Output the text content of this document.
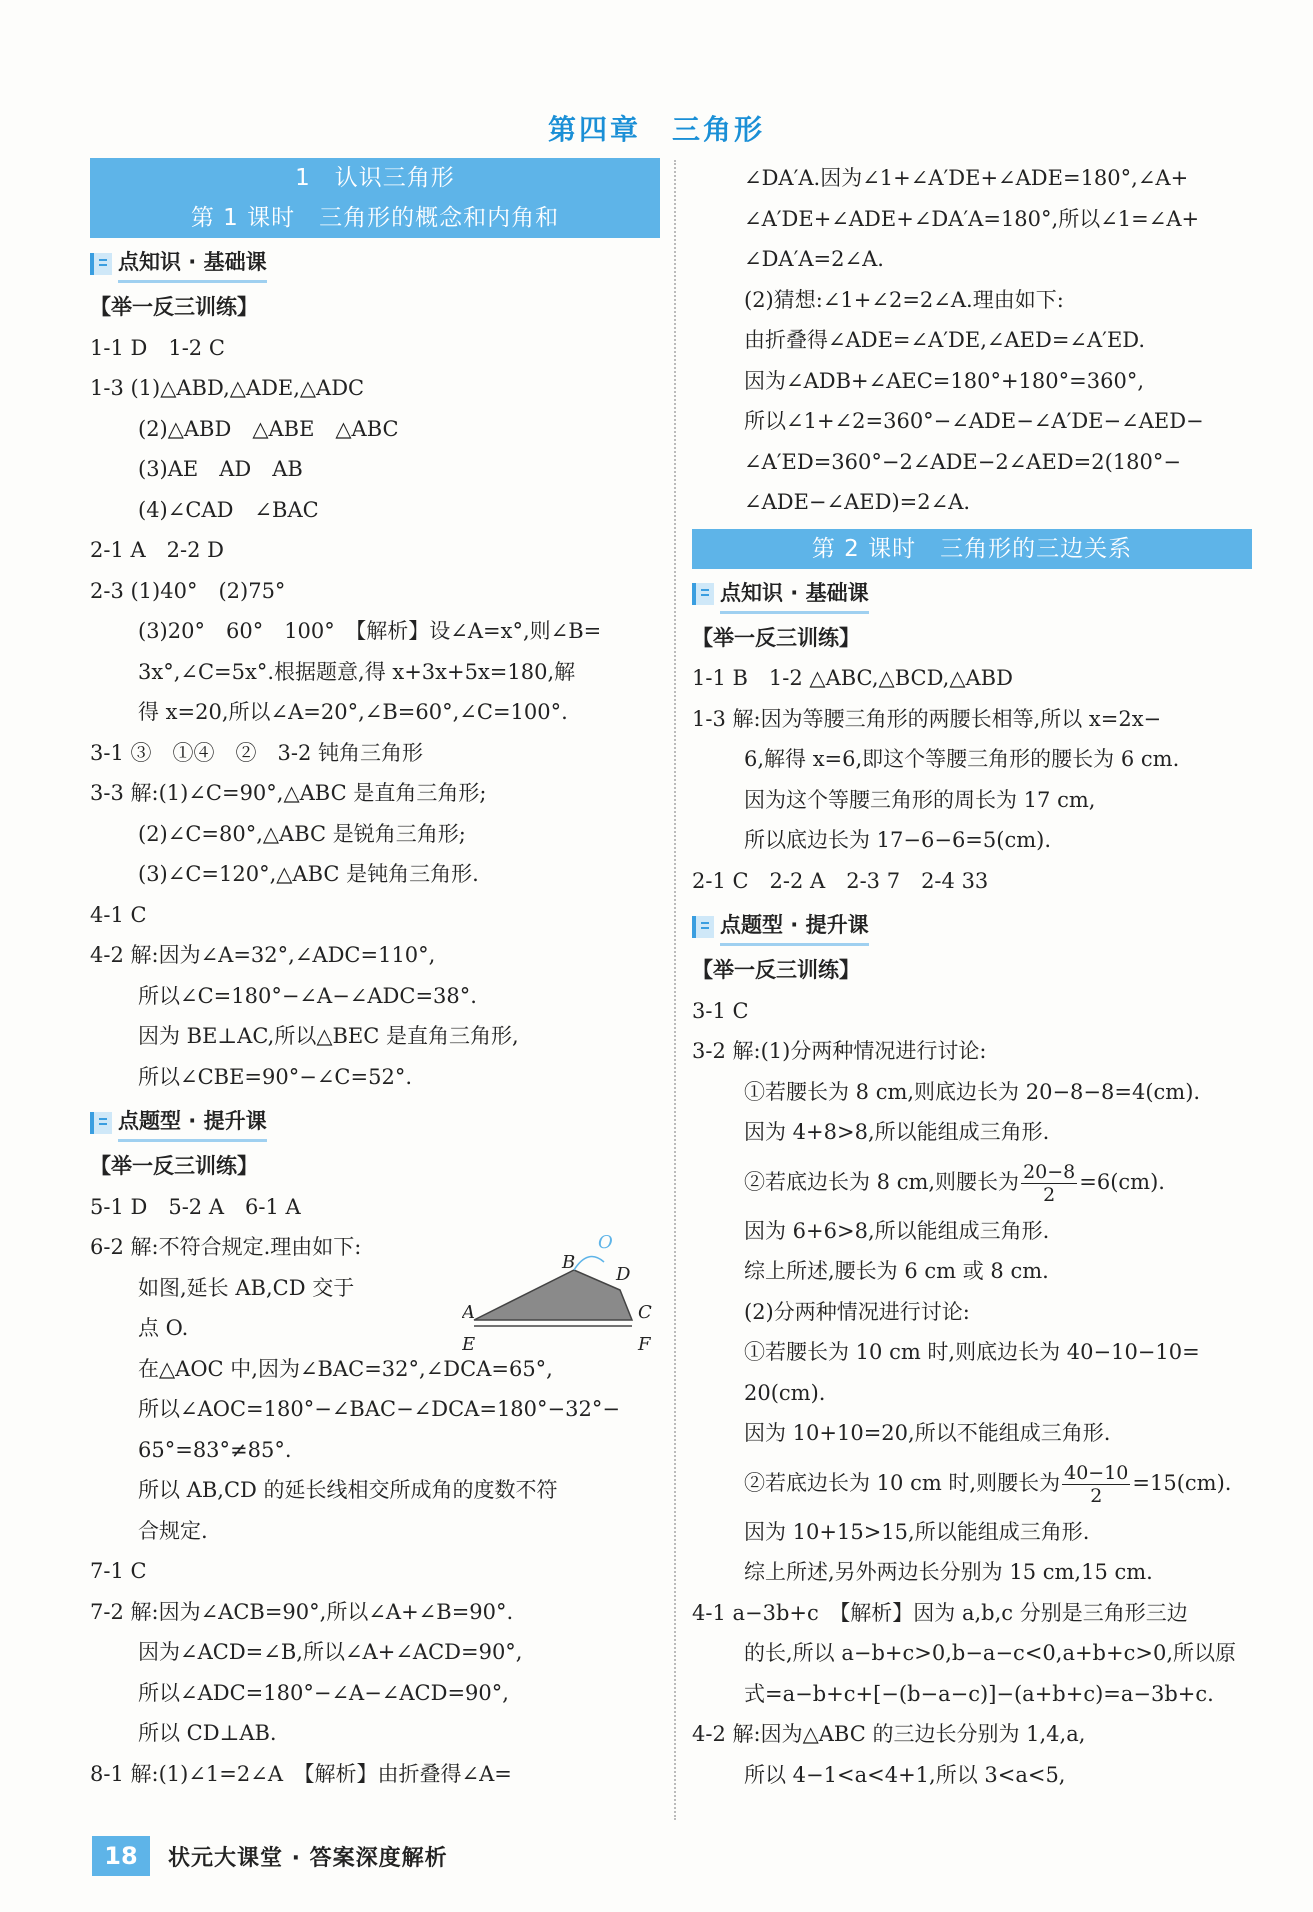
第四章　三角形
1　认识三角形
第 1 课时　三角形的概念和内角和
点知识 · 基础课
【举一反三训练】
1-1 D　1-2 C
1-3 (1)△ABD,△ADE,△ADC
(2)△ABD　△ABE　△ABC
(3)AE　AD　AB
(4)∠CAD　∠BAC
2-1 A　2-2 D
2-3 (1)40°　(2)75°
(3)20°　60°　100°　【解析】设∠A=x°,则∠B=
3x°,∠C=5x°.根据题意,得 x+3x+5x=180,解
得 x=20,所以∠A=20°,∠B=60°,∠C=100°.
3-1 ③　①④　②　3-2 钝角三角形
3-3 解:(1)∠C=90°,△ABC 是直角三角形;
(2)∠C=80°,△ABC 是锐角三角形;
(3)∠C=120°,△ABC 是钝角三角形.
4-1 C
4-2 解:因为∠A=32°,∠ADC=110°,
所以∠C=180°−∠A−∠ADC=38°.
因为 BE⊥AC,所以△BEC 是直角三角形,
所以∠CBE=90°−∠C=52°.
点题型 · 提升课
【举一反三训练】
5-1 D　5-2 A　6-1 A
6-2 解:不符合规定.理由如下:
如图,延长 AB,CD 交于
点 O.
在△AOC 中,因为∠BAC=32°,∠DCA=65°,
所以∠AOC=180°−∠BAC−∠DCA=180°−32°−
65°=83°≠85°.
所以 AB,CD 的延长线相交所成角的度数不符
合规定.
7-1 C
7-2 解:因为∠ACB=90°,所以∠A+∠B=90°.
因为∠ACD=∠B,所以∠A+∠ACD=90°,
所以∠ADC=180°−∠A−∠ACD=90°,
所以 CD⊥AB.
8-1 解:(1)∠1=2∠A　【解析】由折叠得∠A=
O
B
D
A	C
E	F
∠DA′A.因为∠1+∠A′DE+∠ADE=180°,∠A+
∠A′DE+∠ADE+∠DA′A=180°,所以∠1=∠A+
∠DA′A=2∠A.
(2)猜想:∠1+∠2=2∠A.理由如下:
由折叠得∠ADE=∠A′DE,∠AED=∠A′ED.
因为∠ADB+∠AEC=180°+180°=360°,
所以∠1+∠2=360°−∠ADE−∠A′DE−∠AED−
∠A′ED=360°−2∠ADE−2∠AED=2(180°−
∠ADE−∠AED)=2∠A.
第 2 课时　三角形的三边关系
点知识 · 基础课
【举一反三训练】
1-1 B　1-2 △ABC,△BCD,△ABD
1-3 解:因为等腰三角形的两腰长相等,所以 x=2x−
6,解得 x=6,即这个等腰三角形的腰长为 6 cm.
因为这个等腰三角形的周长为 17 cm,
所以底边长为 17−6−6=5(cm).
2-1 C　2-2 A　2-3 7　2-4 33
点题型 · 提升课
【举一反三训练】
3-1 C
3-2 解:(1)分两种情况进行讨论:
①若腰长为 8 cm,则底边长为 20−8−8=4(cm).
因为 4+8>8,所以能组成三角形.
②若底边长为 8 cm,则腰长为 $\frac{20-8}{2} =6(cm)$.
因为 6+6>8,所以能组成三角形.
综上所述,腰长为 6 cm 或 8 cm.
(2)分两种情况进行讨论:
①若腰长为 10 cm 时,则底边长为 40−10−10=
20(cm).
因为 10+10=20,所以不能组成三角形.
②若底边长为 10 cm 时,则腰长为 $\frac{40-10}{2} =15(cm)$.
因为 10+15>15,所以能组成三角形.
综上所述,另外两边长分别为 15 cm,15 cm.
4-1 a−3b+c　【解析】因为 a,b,c 分别是三角形三边
的长,所以 a−b+c>0,b−a−c<0,a+b+c>0,所以原
式=a−b+c+[−(b−a−c)]−(a+b+c)=a−3b+c.
4-2 解:因为△ABC 的三边长分别为 1,4,a,
所以 4−1<a<4+1,所以 3<a<5,
18	状元大课堂 · 答案深度解析
